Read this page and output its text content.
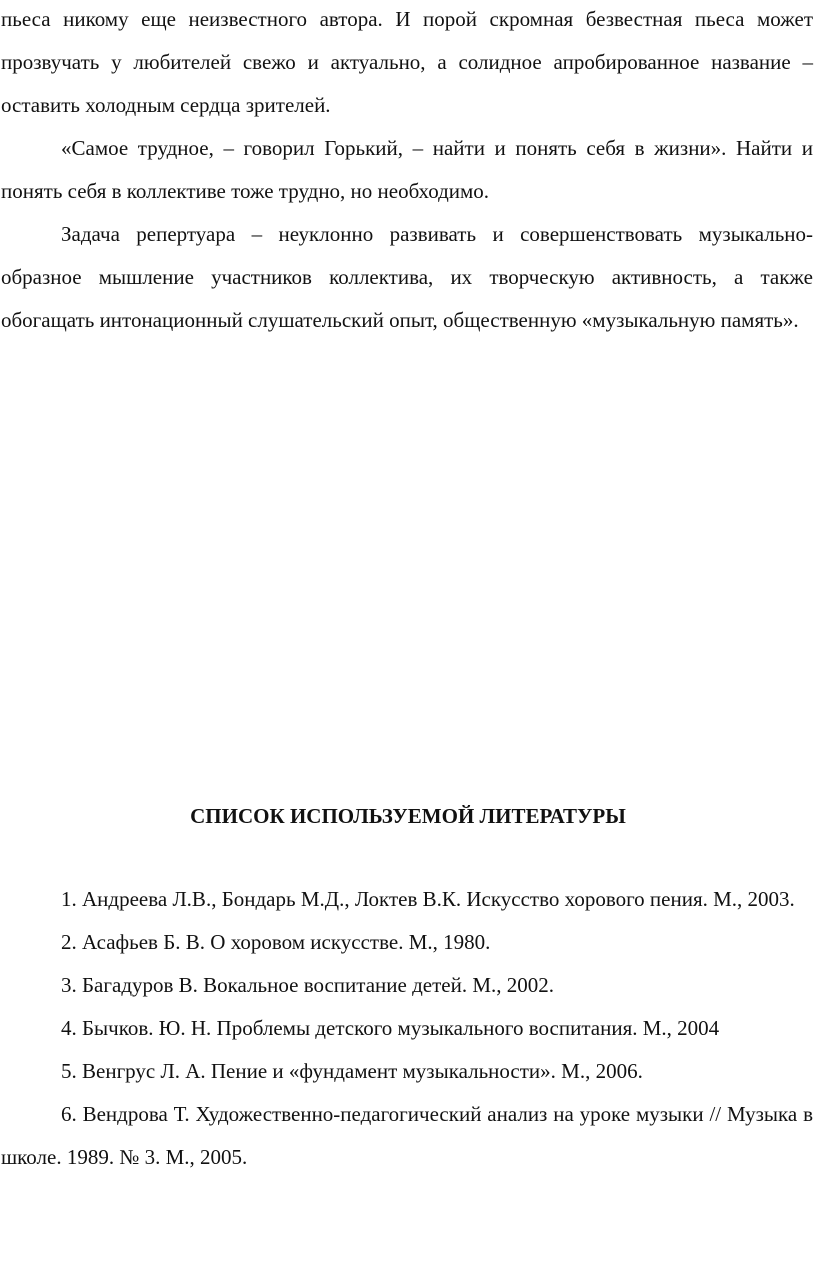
пьеса никому еще неизвестного автора. И порой скромная безвестная пьеса может прозвучать у любителей свежо и актуально, а солидное апробированное название – оставить холодным сердца зрителей.

«Самое трудное, – говорил Горький, – найти и понять себя в жизни». Найти и понять себя в коллективе тоже трудно, но необходимо.

Задача репертуара – неуклонно развивать и совершенствовать музыкально-образное мышление участников коллектива, их творческую активность, а также обогащать интонационный слушательский опыт, общественную «музыкальную память».

СПИСОК ИСПОЛЬЗУЕМОЙ ЛИТЕРАТУРЫ

1. Андреева Л.В., Бондарь М.Д., Локтев В.К. Искусство хорового пения. М., 2003.

2. Асафьев Б. В. О хоровом искусстве. М., 1980.

3. Багадуров В. Вокальное воспитание детей. М., 2002.

4. Бычков. Ю. Н. Проблемы детского музыкального воспитания. М., 2004

5. Венгрус Л. А. Пение и «фундамент музыкальности». М., 2006.

6. Вендрова Т. Художественно-педагогический анализ на уроке музыки // Музыка в школе. 1989. № 3. М., 2005.
